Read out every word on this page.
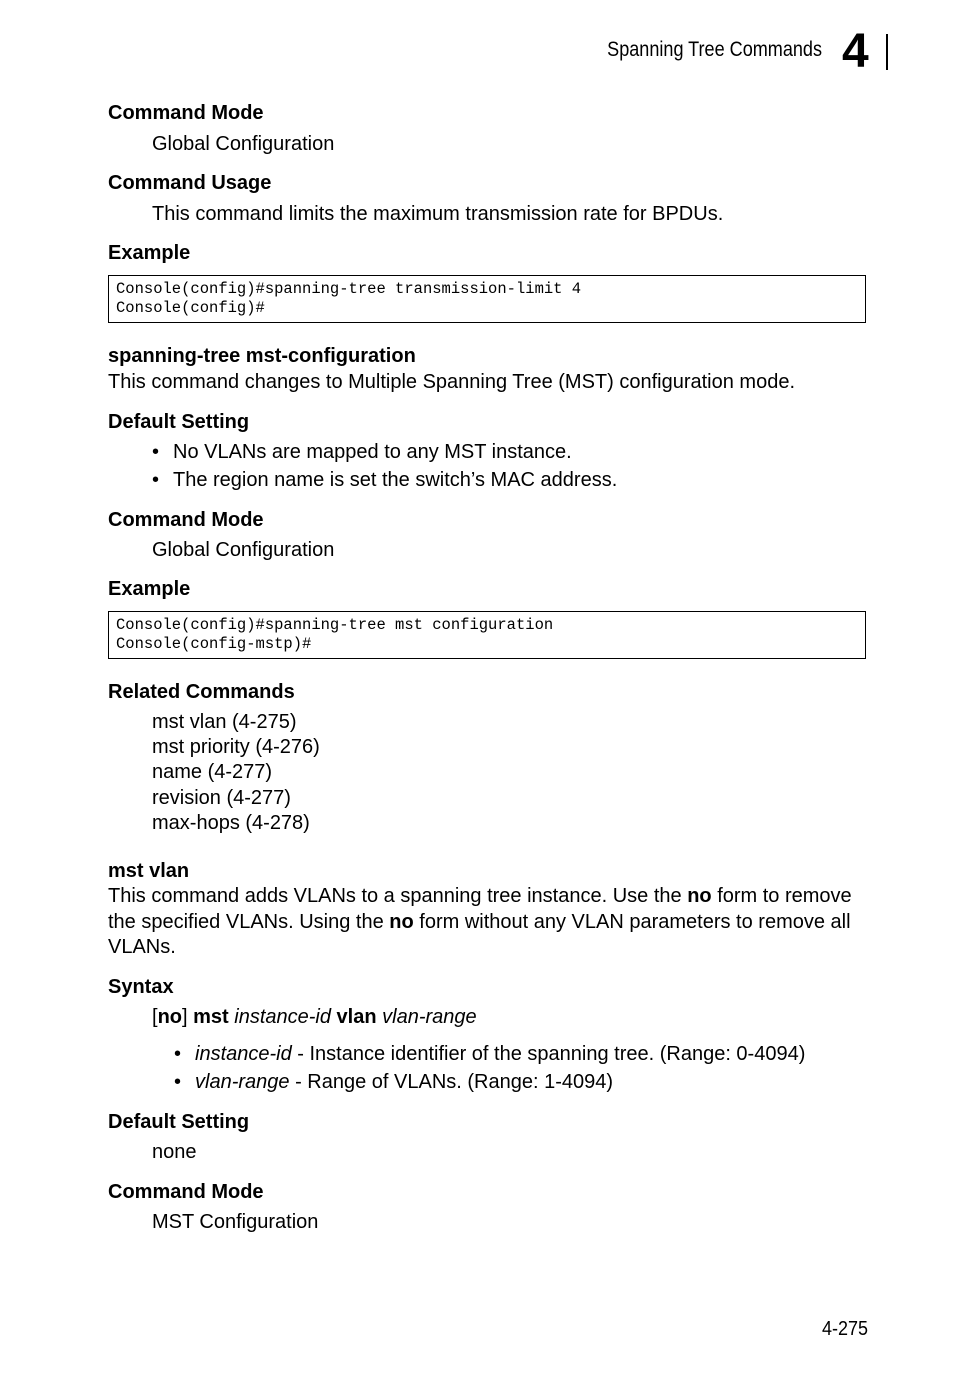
Spanning Tree Commands 4
Command Mode
Global Configuration
Command Usage
This command limits the maximum transmission rate for BPDUs.
Example
Console(config)#spanning-tree transmission-limit 4
Console(config)#
spanning-tree mst-configuration
This command changes to Multiple Spanning Tree (MST) configuration mode.
Default Setting
• No VLANs are mapped to any MST instance.
• The region name is set the switch’s MAC address.
Command Mode
Global Configuration
Example
Console(config)#spanning-tree mst configuration
Console(config-mstp)#
Related Commands
mst vlan (4-275)
mst priority (4-276)
name (4-277)
revision (4-277)
max-hops (4-278)
mst vlan
This command adds VLANs to a spanning tree instance. Use the no form to remove
the specified VLANs. Using the no form without any VLAN parameters to remove all
VLANs.
Syntax
[no] mst instance-id vlan vlan-range
• instance-id - Instance identifier of the spanning tree. (Range: 0-4094)
• vlan-range - Range of VLANs. (Range: 1-4094)
Default Setting
none
Command Mode
MST Configuration
4-275
